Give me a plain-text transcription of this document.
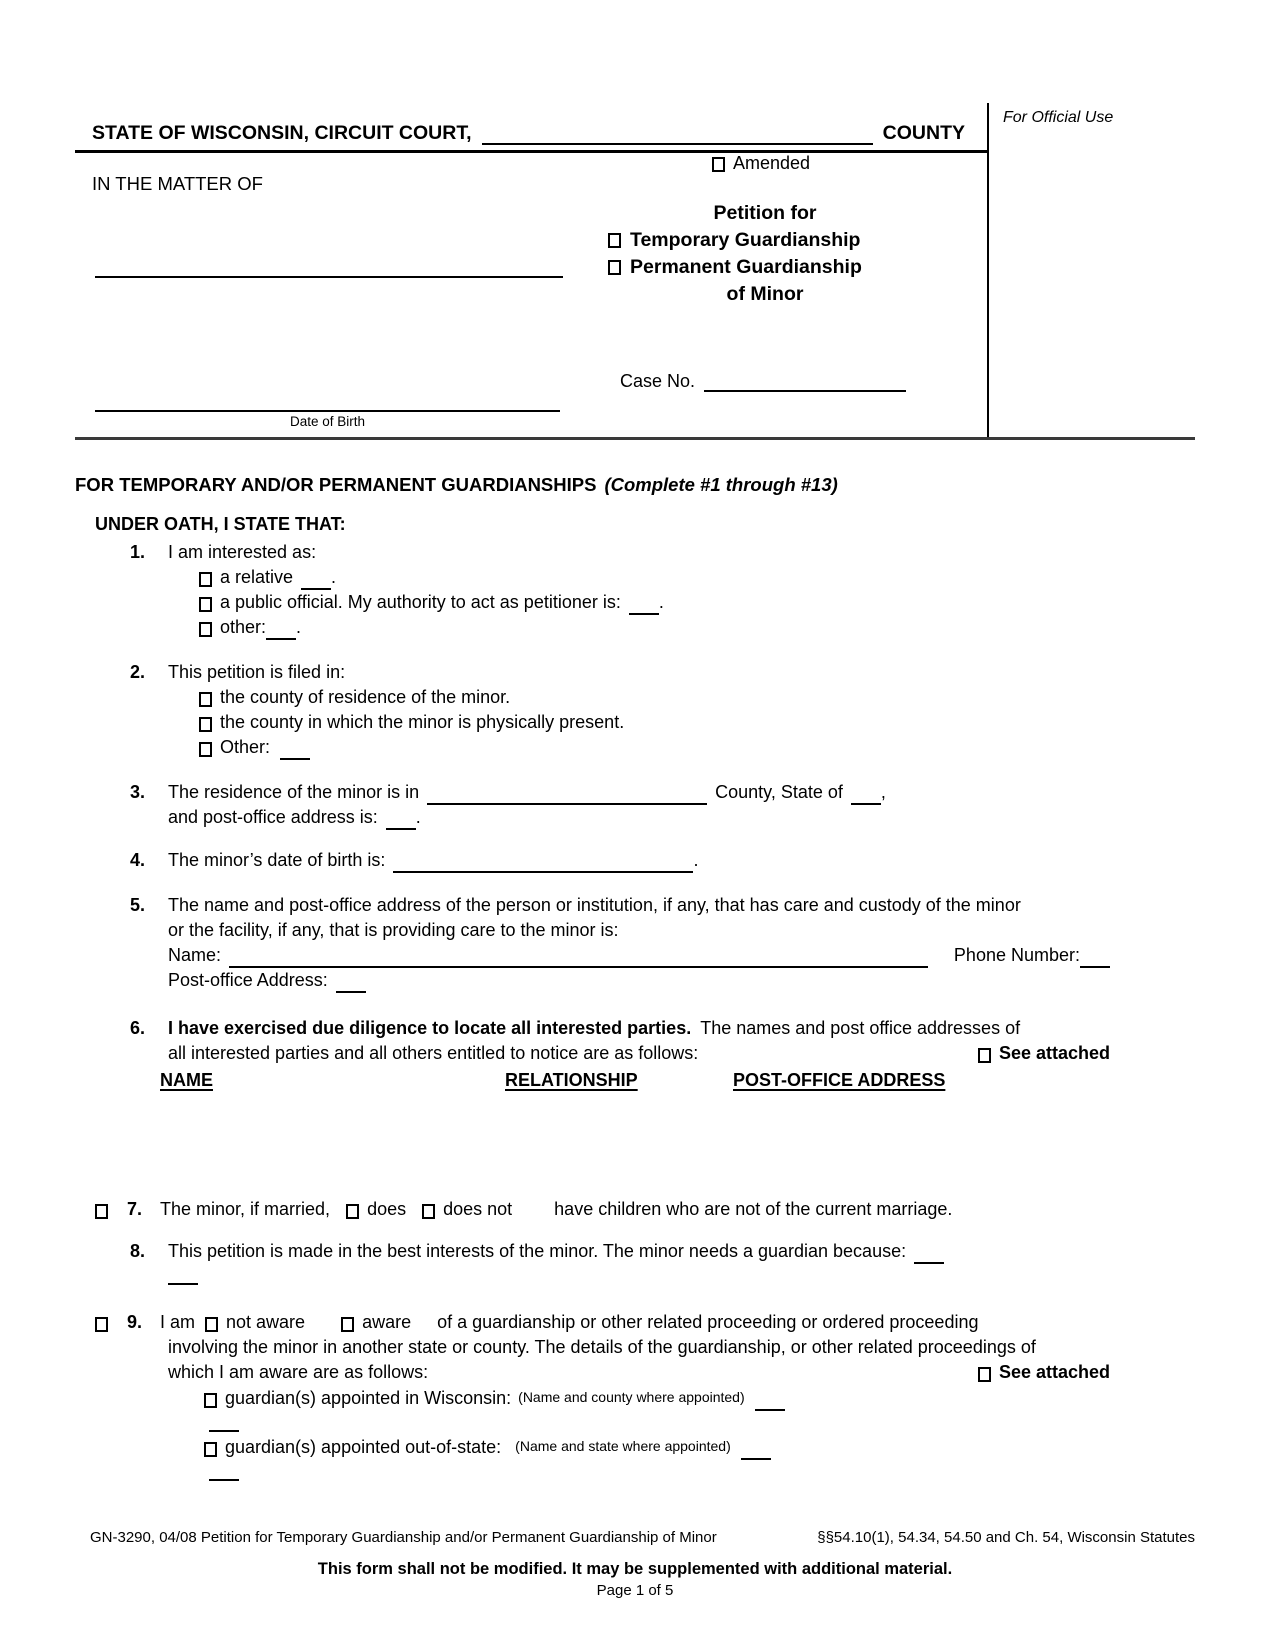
STATE OF WISCONSIN, CIRCUIT COURT,	COUNTY
For Official Use
IN THE MATTER OF
Amended
Petition for
Temporary Guardianship
Permanent Guardianship
of Minor
Date of Birth
Case No.
FOR TEMPORARY AND/OR PERMANENT GUARDIANSHIPS (Complete #1 through #13)
UNDER OATH, I STATE THAT:
1.	I am interested as:
a relative .
a public official. My authority to act as petitioner is: .
other: .
2.	This petition is filed in:
the county of residence of the minor.
the county in which the minor is physically present.
Other:
3.	The residence of the minor is in	County, State of ,
and post-office address is: .
4.	The minor’s date of birth is:	.
5.	The name and post-office address of the person or institution, if any, that has care and custody of the minor
or the facility, if any, that is providing care to the minor is:
Name:	Phone Number:
Post-office Address:
6.	I have exercised due diligence to locate all interested parties. The names and post office addresses of
all interested parties and all others entitled to notice are as follows:	See attached
NAME	RELATIONSHIP	POST-OFFICE ADDRESS
7. The minor, if married, does does not have children who are not of the current marriage.
8.	This petition is made in the best interests of the minor. The minor needs a guardian because:
9. I am not aware	aware of a guardianship or other related proceeding or ordered proceeding
involving the minor in another state or county. The details of the guardianship, or other related proceedings of
which I am aware are as follows:	See attached
guardian(s) appointed in Wisconsin: (Name and county where appointed)
guardian(s) appointed out-of-state: (Name and state where appointed)
GN-3290, 04/08 Petition for Temporary Guardianship and/or Permanent Guardianship of Minor	§§54.10(1), 54.34, 54.50 and Ch. 54, Wisconsin Statutes
This form shall not be modified. It may be supplemented with additional material.
Page 1 of 5
